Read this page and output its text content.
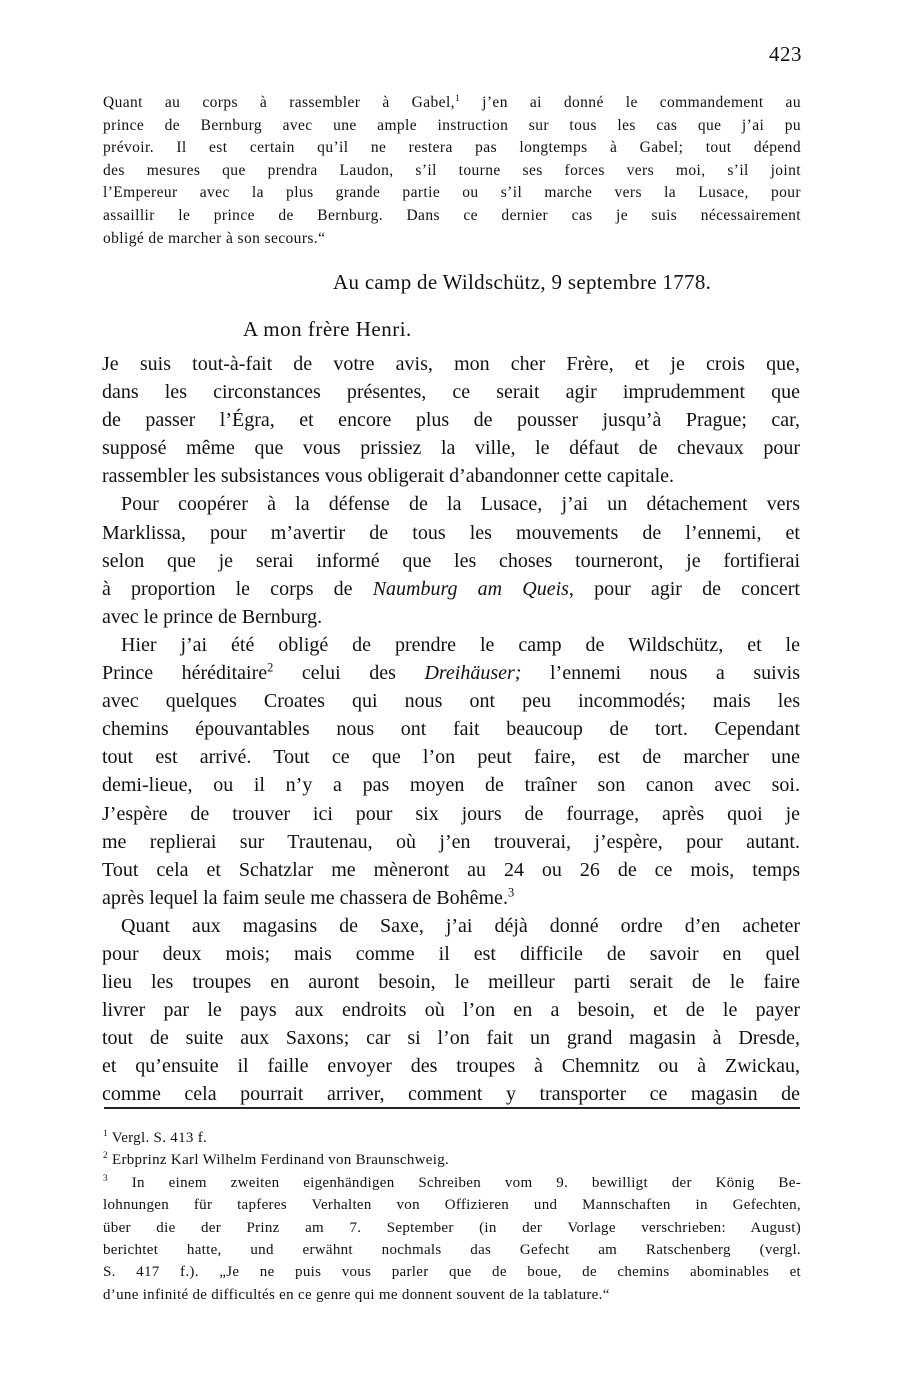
423
Quant au corps à rassembler à Gabel,$^1$ j’en ai donné le commandement au
prince de Bernburg avec une ample instruction sur tous les cas que j’ai pu
prévoir. Il est certain qu’il ne restera pas longtemps à Gabel; tout dépend
des mesures que prendra Laudon, s’il tourne ses forces vers moi, s’il joint
l’Empereur avec la plus grande partie ou s’il marche vers la Lusace, pour
assaillir le prince de Bernburg. Dans ce dernier cas je suis nécessairement
obligé de marcher à son secours.“
Au camp de Wildschütz, 9 septembre 1778.
A mon frère Henri.
Je suis tout-à-fait de votre avis, mon cher Frère, et je crois que,
dans les circonstances présentes, ce serait agir imprudemment que
de passer l’Égra, et encore plus de pousser jusqu’à Prague; car,
supposé même que vous prissiez la ville, le défaut de chevaux pour
rassembler les subsistances vous obligerait d’abandonner cette capitale.
Pour coopérer à la défense de la Lusace, j’ai un détachement vers
Marklissa, pour m’avertir de tous les mouvements de l’ennemi, et
selon que je serai informé que les choses tourneront, je fortifierai
à proportion le corps de Naumburg am Queis, pour agir de concert
avec le prince de Bernburg.
Hier j’ai été obligé de prendre le camp de Wildschütz, et le
Prince héréditaire$^2$ celui des Dreihäuser; l’ennemi nous a suivis
avec quelques Croates qui nous ont peu incommodés; mais les
chemins épouvantables nous ont fait beaucoup de tort. Cependant
tout est arrivé. Tout ce que l’on peut faire, est de marcher une
demi-lieue, ou il n’y a pas moyen de traîner son canon avec soi.
J’espère de trouver ici pour six jours de fourrage, après quoi je
me replierai sur Trautenau, où j’en trouverai, j’espère, pour autant.
Tout cela et Schatzlar me mèneront au 24 ou 26 de ce mois, temps
après lequel la faim seule me chassera de Bohême.$^3$
Quant aux magasins de Saxe, j’ai déjà donné ordre d’en acheter
pour deux mois; mais comme il est difficile de savoir en quel
lieu les troupes en auront besoin, le meilleur parti serait de le faire
livrer par le pays aux endroits où l’on en a besoin, et de le payer
tout de suite aux Saxons; car si l’on fait un grand magasin à Dresde,
et qu’ensuite il faille envoyer des troupes à Chemnitz ou à Zwickau,
comme cela pourrait arriver, comment y transporter ce magasin de
$^1$ Vergl. S. 413 f.
$^2$ Erbprinz Karl Wilhelm Ferdinand von Braunschweig.
$^3$ In einem zweiten eigenhändigen Schreiben vom 9. bewilligt der König Be-
lohnungen für tapferes Verhalten von Offizieren und Mannschaften in Gefechten,
über die der Prinz am 7. September (in der Vorlage verschrieben: August)
berichtet hatte, und erwähnt nochmals das Gefecht am Ratschenberg (vergl.
S. 417 f.). „Je ne puis vous parler que de boue, de chemins abominables et
d’une infinité de difficultés en ce genre qui me donnent souvent de la tablature.“
